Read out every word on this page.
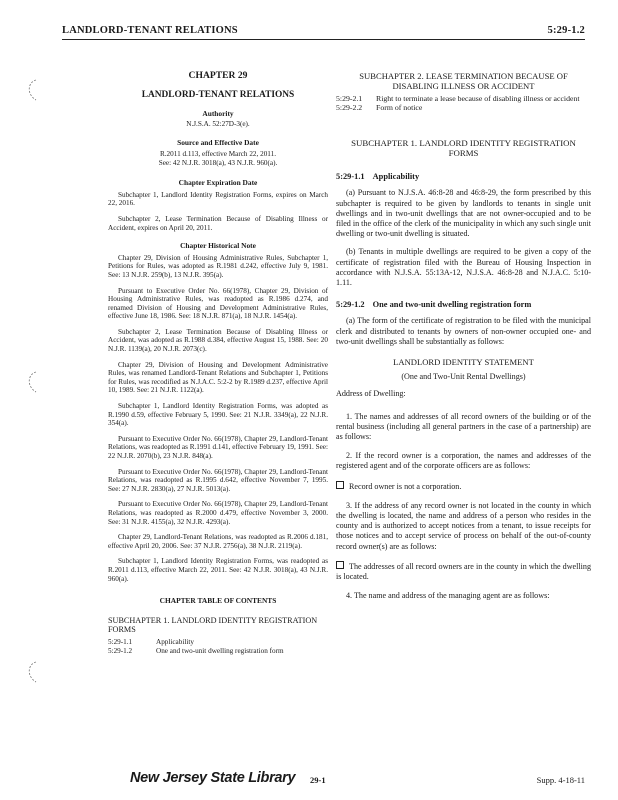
LANDLORD-TENANT RELATIONS	5:29-1.2

CHAPTER 29

LANDLORD-TENANT RELATIONS

Authority

N.J.S.A. 52:27D-3(e).

Source and Effective Date

R.2011 d.113, effective March 22, 2011.

See: 42 N.J.R. 3018(a), 43 N.J.R. 960(a).

Chapter Expiration Date

Subchapter 1, Landlord Identity Registration Forms, expires on March 22, 2016.

Subchapter 2, Lease Termination Because of Disabling Illness or Accident, expires on April 20, 2011.

Chapter Historical Note

Chapter 29, Division of Housing Administrative Rules, Subchapter 1, Petitions for Rules, was adopted as R.1981 d.242, effective July 9, 1981. See: 13 N.J.R. 259(b), 13 N.J.R. 395(a).

Pursuant to Executive Order No. 66(1978), Chapter 29, Division of Housing Administrative Rules, was readopted as R.1986 d.274, and renamed Division of Housing and Development Administrative Rules, effective June 18, 1986. See: 18 N.J.R. 871(a), 18 N.J.R. 1454(a).

Subchapter 2, Lease Termination Because of Disabling Illness or Accident, was adopted as R.1988 d.384, effective August 15, 1988. See: 20 N.J.R. 1139(a), 20 N.J.R. 2073(c).

Chapter 29, Division of Housing and Development Administrative Rules, was renamed Landlord-Tenant Relations and Subchapter 1, Petitions for Rules, was recodified as N.J.A.C. 5:2-2 by R.1989 d.237, effective April 10, 1989. See: 21 N.J.R. 1122(a).

Subchapter 1, Landlord Identity Registration Forms, was adopted as R.1990 d.59, effective February 5, 1990. See: 21 N.J.R. 3349(a), 22 N.J.R. 354(a).

Pursuant to Executive Order No. 66(1978), Chapter 29, Landlord-Tenant Relations, was readopted as R.1991 d.141, effective February 19, 1991. See: 22 N.J.R. 2070(b), 23 N.J.R. 848(a).

Pursuant to Executive Order No. 66(1978), Chapter 29, Landlord-Tenant Relations, was readopted as R.1995 d.642, effective November 7, 1995. See: 27 N.J.R. 2830(a), 27 N.J.R. 5013(a).

Pursuant to Executive Order No. 66(1978), Chapter 29, Landlord-Tenant Relations, was readopted as R.2000 d.479, effective November 3, 2000. See: 31 N.J.R. 4155(a), 32 N.J.R. 4293(a).

Chapter 29, Landlord-Tenant Relations, was readopted as R.2006 d.181, effective April 20, 2006. See: 37 N.J.R. 2756(a), 38 N.J.R. 2119(a).

Subchapter 1, Landlord Identity Registration Forms, was readopted as R.2011 d.113, effective March 22, 2011. See: 42 N.J.R. 3018(a), 43 N.J.R. 960(a).

CHAPTER TABLE OF CONTENTS

SUBCHAPTER 1. LANDLORD IDENTITY REGISTRATION FORMS

5:29-1.1	Applicability
5:29-1.2	One and two-unit dwelling registration form

SUBCHAPTER 2. LEASE TERMINATION BECAUSE OF DISABLING ILLNESS OR ACCIDENT

5:29-2.1	Right to terminate a lease because of disabling illness or accident
5:29-2.2	Form of notice

SUBCHAPTER 1. LANDLORD IDENTITY REGISTRATION FORMS

5:29-1.1 Applicability

(a) Pursuant to N.J.S.A. 46:8-28 and 46:8-29, the form prescribed by this subchapter is required to be given by landlords to tenants in single unit dwellings and in two-unit dwellings that are not owner-occupied and to be filed in the office of the clerk of the municipality in which any such single unit dwelling or two-unit dwelling is situated.

(b) Tenants in multiple dwellings are required to be given a copy of the certificate of registration filed with the Bureau of Housing Inspection in accordance with N.J.S.A. 55:13A-12, N.J.S.A. 46:8-28 and N.J.A.C. 5:10-1.11.

5:29-1.2 One and two-unit dwelling registration form

(a) The form of the certificate of registration to be filed with the municipal clerk and distributed to tenants by owners of non-owner occupied one- and two-unit dwellings shall be substantially as follows:

LANDLORD IDENTITY STATEMENT

(One and Two-Unit Rental Dwellings)

Address of Dwelling:

1. The names and addresses of all record owners of the building or of the rental business (including all general partners in the case of a partnership) are as follows:

2. If the record owner is a corporation, the names and addresses of the registered agent and of the corporate officers are as follows:

Record owner is not a corporation.

3. If the address of any record owner is not located in the county in which the dwelling is located, the name and address of a person who resides in the county and is authorized to accept notices from a tenant, to issue receipts for those notices and to accept service of process on behalf of the out-of-county record owner(s) are as follows:

The addresses of all record owners are in the county in which the dwelling is located.

4. The name and address of the managing agent are as follows:

New Jersey State Library 29-1	Supp. 4-18-11
